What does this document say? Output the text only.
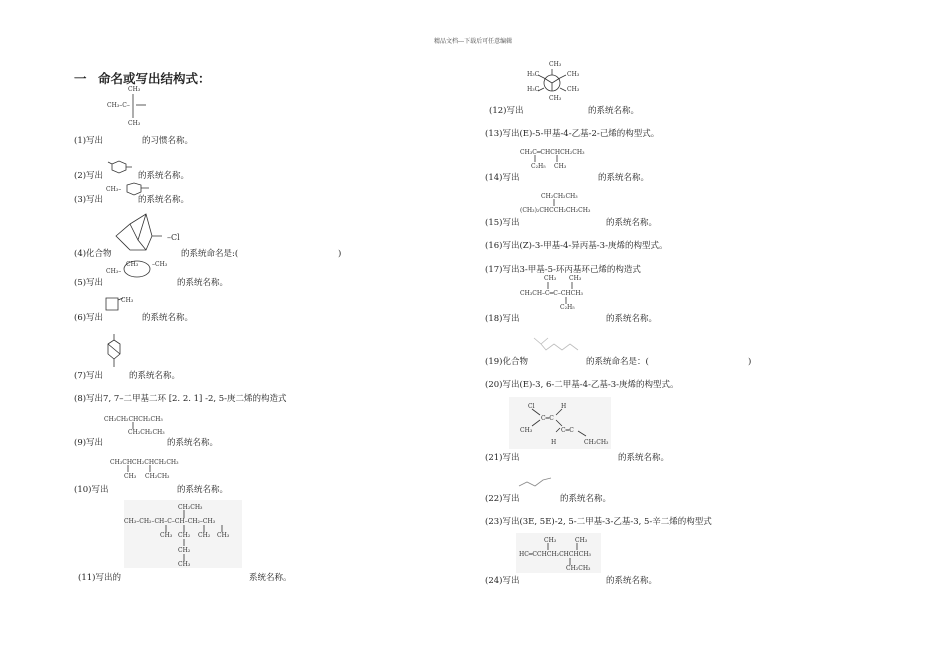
精品文档---下载后可任意编辑
一 命名或写出结构式：
CH₃
CH₃–C–
CH₃
(1)写出	的习惯名称。
(2)写出	的系统名称。
CH₃–
(3)写出	的系统名称。
–Cl
(4)化合物	的系统命名是:(	)
CH₃
CH₃–
–CH₃
(5)写出	的系统名称。
CH₃
(6)写出	的系统名称。
(7)写出	的系统名称。
(8)写出7, 7–二甲基二环 [2. 2. 1] -2, 5-庚二烯的构造式
CH₃CH₂CHCH₂CH₃
CH₂CH₂CH₃
(9)写出	的系统名称。
CH₃CHCH₂CHCH₂CH₃
CH₃ CH₂CH₃
(10)写出	的系统名称。
CH₂CH₃
CH₃–CH₂–CH–C–CH–CH₂–CH₃
CH₃ CH₂ CH₂ CH₃
CH₂
CH₃
(11)写出的	系统名称。
CH₃
H₃C	CH₃
H₃C	CH₃
CH₃
(12)写出	的系统名称。
(13)写出(E)-5-甲基-4-乙基-2-己烯的构型式。
CH₃C═CHCHCH₂CH₃
C₂H₅ CH₃
(14)写出	的系统名称。
CH₂CH₂CH₃
(CH₃)₂CHCCH₂CH₂CH₃
(15)写出	的系统名称。
(16)写出(Z)-3-甲基-4-异丙基-3-庚烯的构型式。
(17)写出3-甲基-5-环丙基环己烯的构造式
CH₃ CH₃
CH₃CH–C═C–CHCH₃
C₂H₅
(18)写出	的系统名称。
(19)化合物	的系统命名是：(	)
(20)写出(E)-3, 6-二甲基-4-乙基-3-庚烯的构型式。
Cl	H
C═C
CH₃	C═C
H	CH₂CH₃
(21)写出	的系统名称。
(22)写出	的系统名称。
(23)写出(3E, 5E)-2, 5-二甲基-3-乙基-3, 5-辛二烯的构型式
CH₃	CH₃
HC═CCHCH₂CHCHCH₃
CH₂CH₃
(24)写出	的系统名称。
